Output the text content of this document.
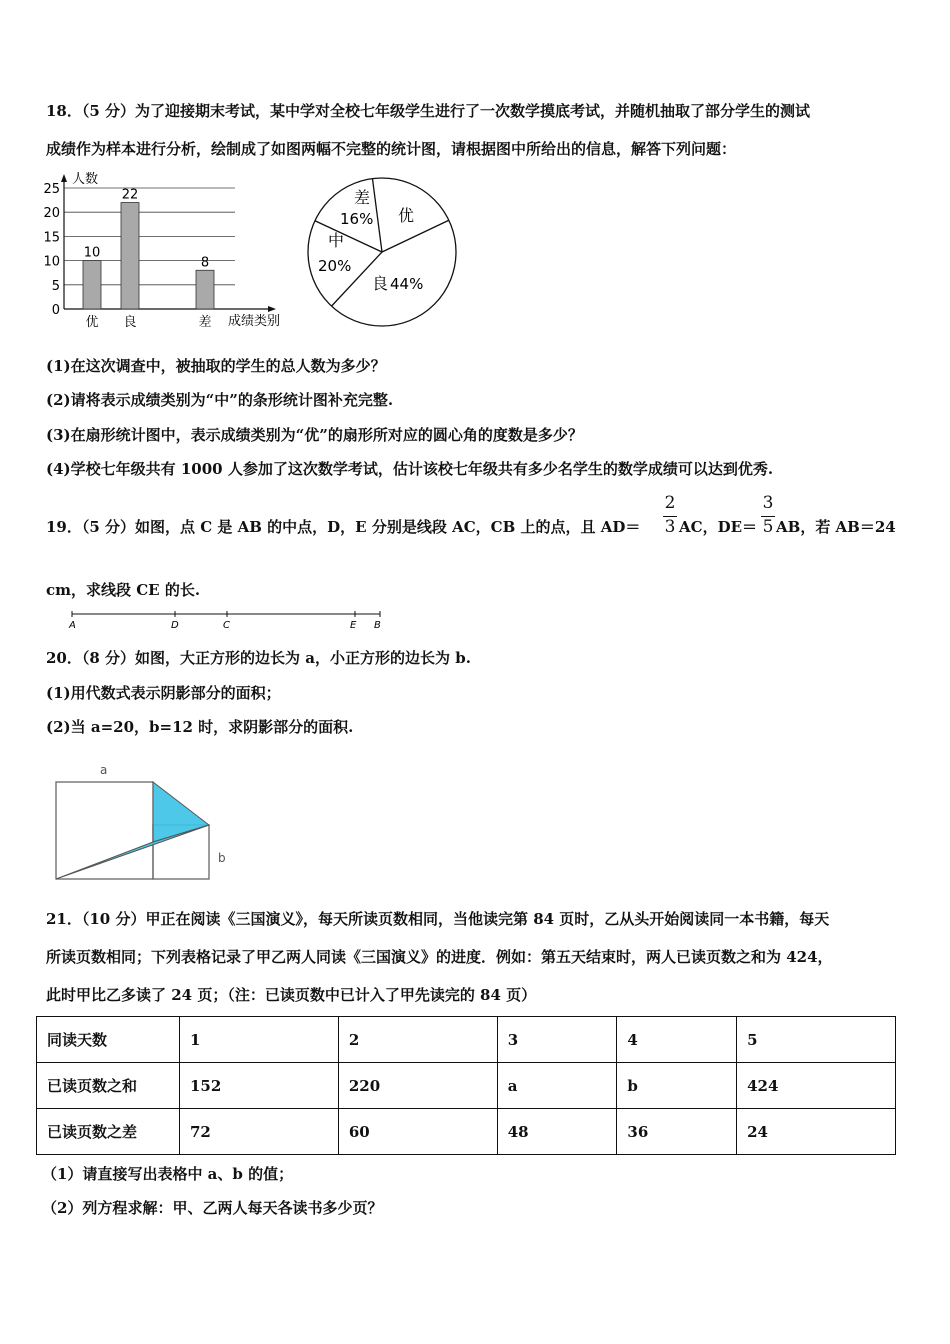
18．（5 分）为了迎接期末考试，某中学对全校七年级学生进行了一次数学摸底考试，并随机抽取了部分学生的测试
成绩作为样本进行分析，绘制成了如图两幅不完整的统计图，请根据图中所给出的信息，解答下列问题：
人数
成绩类别
0
5
10
15
20
25
优
10
良
22
差
8
差
16%
中
20%
良 44%
优
(1)在这次调查中，被抽取的学生的总人数为多少？
(2)请将表示成绩类别为“中”的条形统计图补充完整.
(3)在扇形统计图中，表示成绩类别为“优”的扇形所对应的圆心角的度数是多少？
(4)学校七年级共有 1000 人参加了这次数学考试，估计该校七年级共有多少名学生的数学成绩可以达到优秀.
19．（5 分）如图，点 C 是 AB 的中点，D，E 分别是线段 AC，CB 上的点，且 AD＝
2
3 AC，DE＝
3
5 AB，若 AB＝24
cm，求线段 CE 的长.
A	D	C	E B
20．（8 分）如图，大正方形的边长为 a，小正方形的边长为 b.
(1)用代数式表示阴影部分的面积；
(2)当 a=20，b=12 时，求阴影部分的面积.
a
b
21．（10 分）甲正在阅读《三国演义》，每天所读页数相同，当他读完第 84 页时，乙从头开始阅读同一本书籍，每天
所读页数相同；下列表格记录了甲乙两人同读《三国演义》的进度．例如：第五天结束时，两人已读页数之和为 424，
此时甲比乙多读了 24 页；（注：已读页数中已计入了甲先读完的 84 页）
同读天数	1	2	3	4	5
已读页数之和	152	220	a	b	424
已读页数之差	72	60	48	36	24
（1）请直接写出表格中 a、b 的值；
（2）列方程求解：甲、乙两人每天各读书多少页？
